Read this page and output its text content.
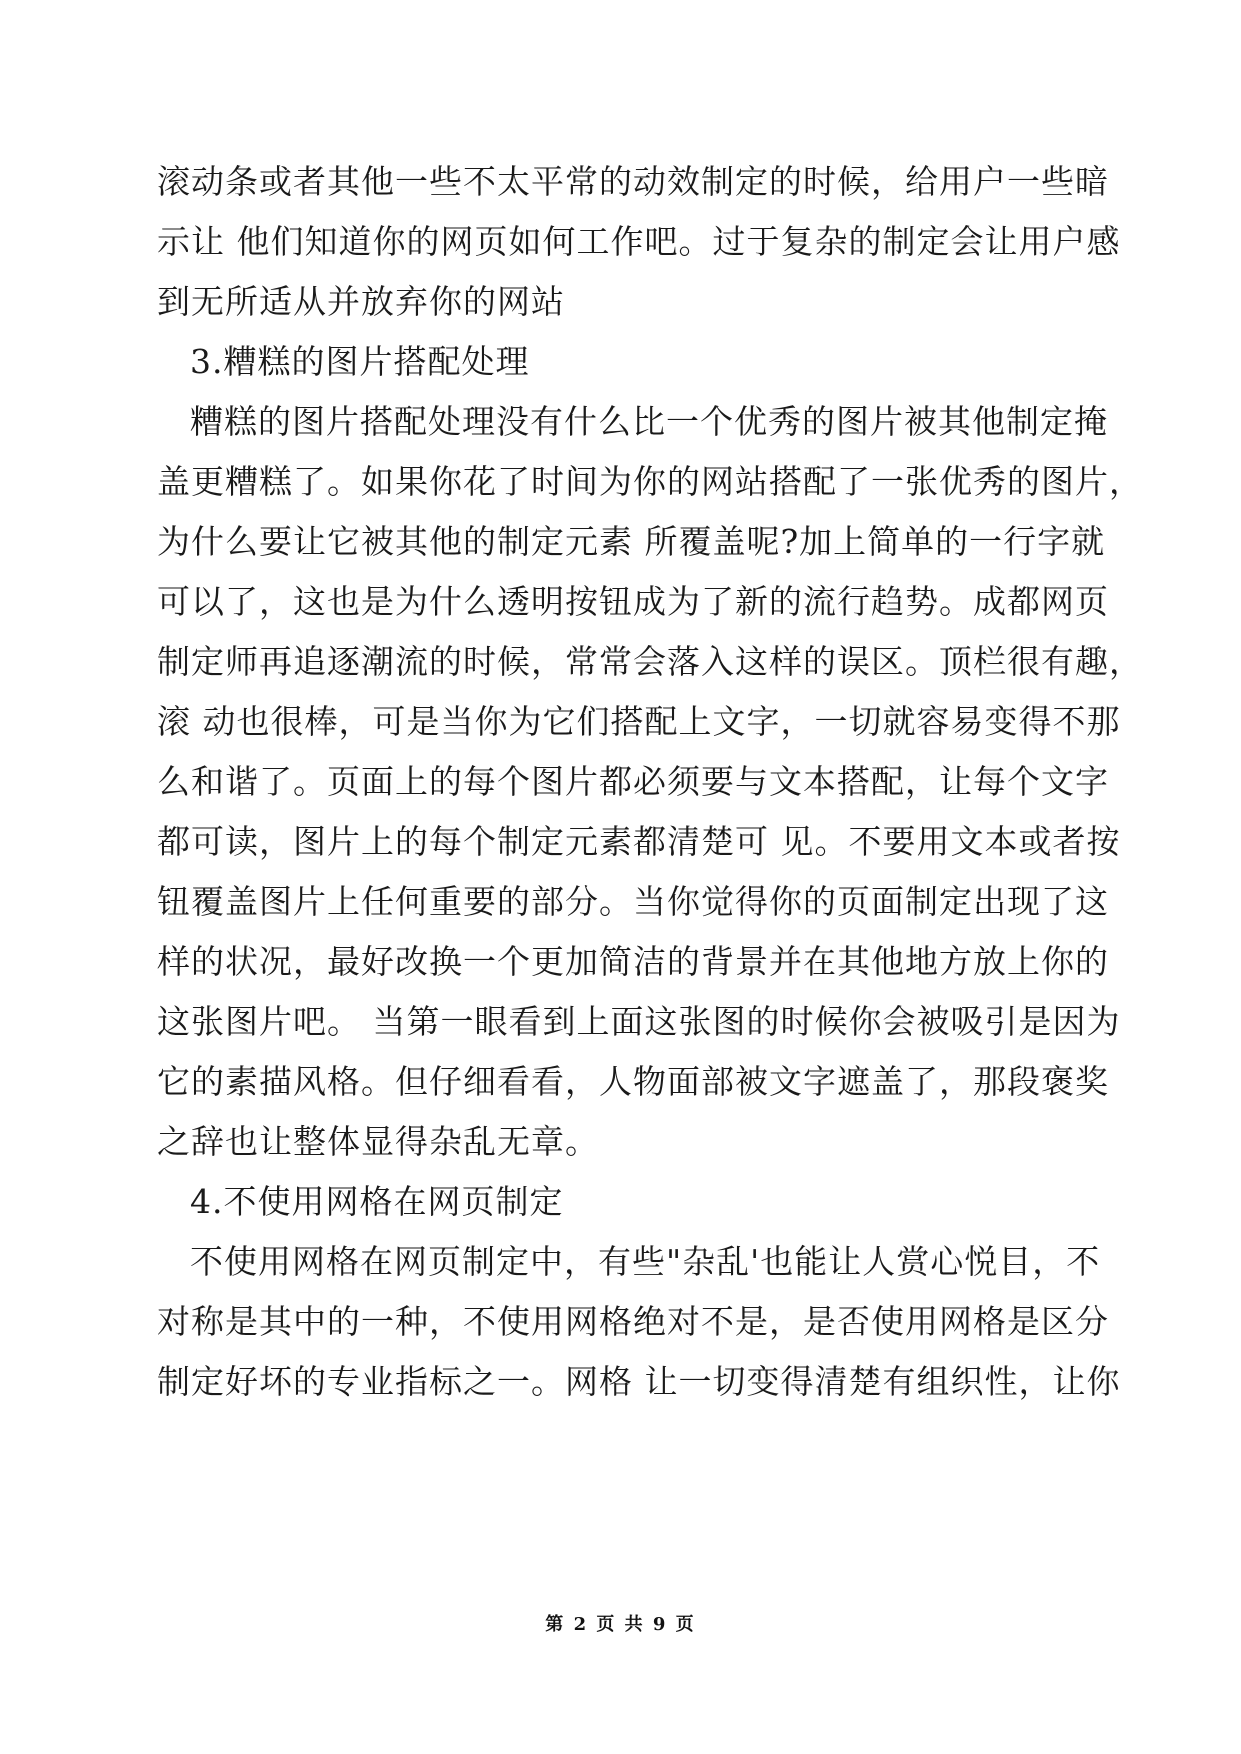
滚动条或者其他一些不太平常的动效制定的时候，给用户一些暗
示让 他们知道你的网页如何工作吧。过于复杂的制定会让用户感
到无所适从并放弃你的网站
3.糟糕的图片搭配处理
糟糕的图片搭配处理没有什么比一个优秀的图片被其他制定掩
盖更糟糕了。如果你花了时间为你的网站搭配了一张优秀的图片，
为什么要让它被其他的制定元素 所覆盖呢?加上简单的一行字就
可以了，这也是为什么透明按钮成为了新的流行趋势。成都网页
制定师再追逐潮流的时候，常常会落入这样的误区。顶栏很有趣，
滚 动也很棒，可是当你为它们搭配上文字，一切就容易变得不那
么和谐了。页面上的每个图片都必须要与文本搭配，让每个文字
都可读，图片上的每个制定元素都清楚可 见。不要用文本或者按
钮覆盖图片上任何重要的部分。当你觉得你的页面制定出现了这
样的状况，最好改换一个更加简洁的背景并在其他地方放上你的
这张图片吧。 当第一眼看到上面这张图的时候你会被吸引是因为
它的素描风格。但仔细看看，人物面部被文字遮盖了，那段褒奖
之辞也让整体显得杂乱无章。
4.不使用网格在网页制定
不使用网格在网页制定中，有些"杂乱'也能让人赏心悦目，不
对称是其中的一种，不使用网格绝对不是，是否使用网格是区分
制定好坏的专业指标之一。网格 让一切变得清楚有组织性，让你
第 2 页 共 9 页
